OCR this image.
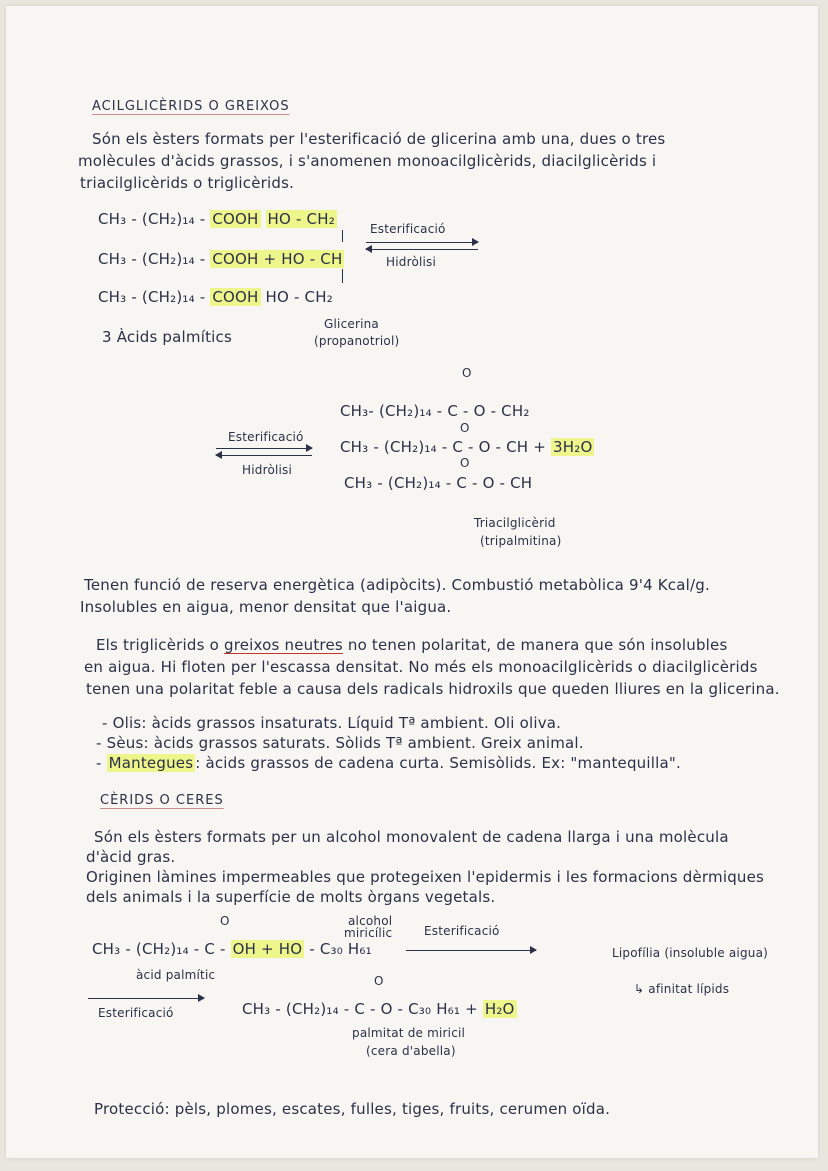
ACILGLICÈRIDS O GREIXOS
Són els èsters formats per l'esterificació de glicerina amb una, dues o tres
molècules d'àcids grassos, i s'anomenen monoacilglicèrids, diacilglicèrids i
triacilglicèrids o triglicèrids.
CH₃ - (CH₂)₁₄ - COOH HO - CH₂
CH₃ - (CH₂)₁₄ - COOH + HO - CH
CH₃ - (CH₂)₁₄ - COOH HO - CH₂
Esterificació
Hidròlisi
3 Àcids palmítics
Glicerina
(propanotriol)
O
CH₃- (CH₂)₁₄ - C - O - CH₂
O
CH₃ - (CH₂)₁₄ - C - O - CH + 3H₂O
O
CH₃ - (CH₂)₁₄ - C - O - CH
Esterificació
Hidròlisi
Triacilglicèrid
(tripalmitina)
Tenen funció de reserva energètica (adipòcits). Combustió metabòlica 9'4 Kcal/g.
Insolubles en aigua, menor densitat que l'aigua.
Els triglicèrids o greixos neutres no tenen polaritat, de manera que són insolubles
en aigua. Hi floten per l'escassa densitat. No més els monoacilglicèrids o diacilglicèrids
tenen una polaritat feble a causa dels radicals hidroxils que queden lliures en la glicerina.
- Olis: àcids grassos insaturats. Líquid Tª ambient. Oli oliva.
- Sèus: àcids grassos saturats. Sòlids Tª ambient. Greix animal.
- Mantegues : àcids grassos de cadena curta. Semisòlids. Ex: "mantequilla".
CÈRIDS O CERES
Són els èsters formats per un alcohol monovalent de cadena llarga i una molècula
d'àcid gras.
Originen làmines impermeables que protegeixen l'epidermis i les formacions dèrmiques
dels animals i la superfície de molts òrgans vegetals.
O	alcohol
miricílic	Esterificació
CH₃ - (CH₂)₁₄ - C - OH + HO - C₃₀ H₆₁
àcid palmític
Lipofília (insoluble aigua)
↳ afinitat lípids
Esterificació
O
CH₃ - (CH₂)₁₄ - C - O - C₃₀ H₆₁ + H₂O
palmitat de miricil
(cera d'abella)
Protecció: pèls, plomes, escates, fulles, tiges, fruits, cerumen oïda.
